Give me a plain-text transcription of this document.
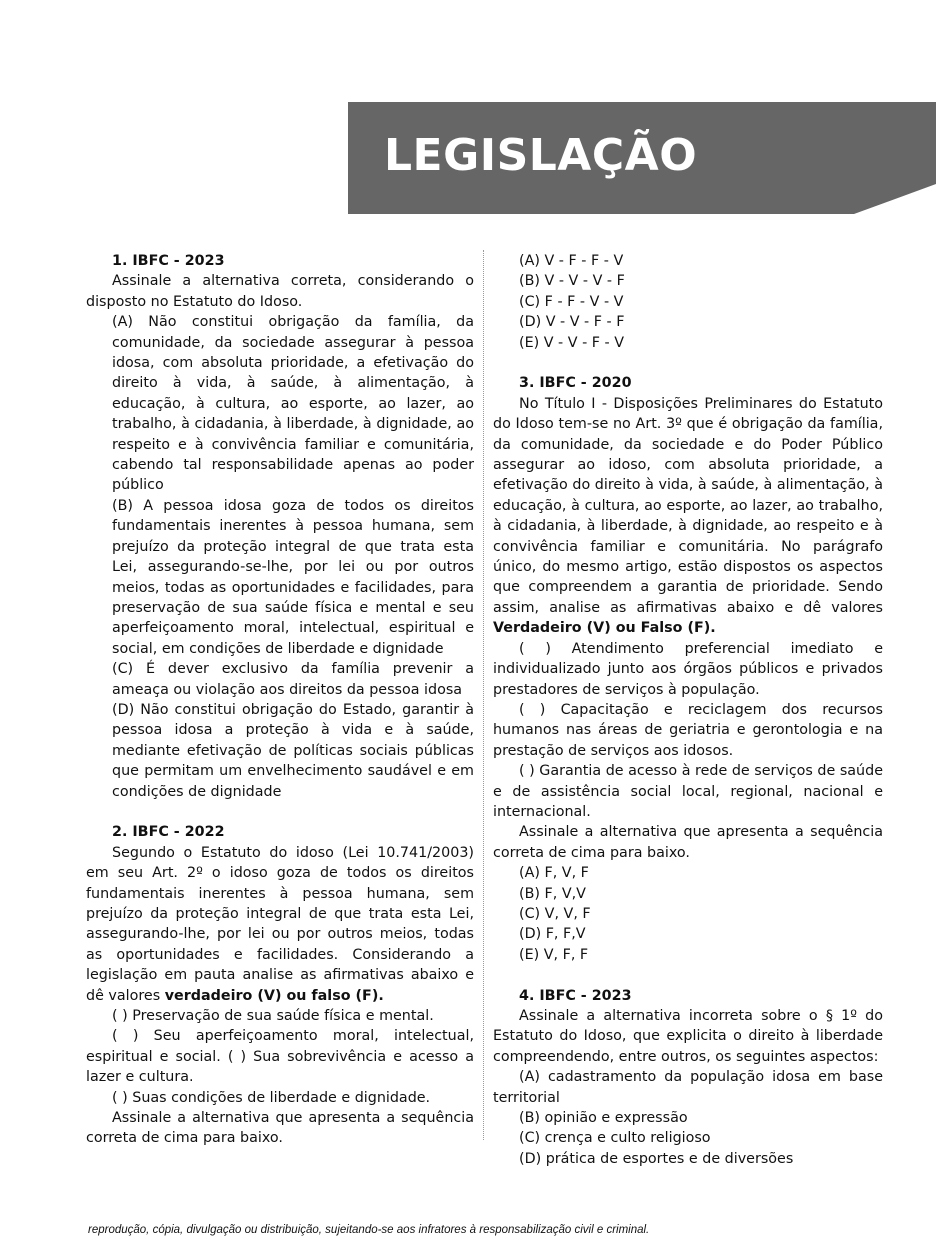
LEGISLAÇÃO

1. IBFC - 2023

Assinale a alternativa correta, considerando o disposto no Estatuto do Idoso.

(A) Não constitui obrigação da família, da comunidade, da sociedade assegurar à pessoa idosa, com absoluta prioridade, a efetivação do direito à vida, à saúde, à alimentação, à educação, à cultura, ao esporte, ao lazer, ao trabalho, à cidadania, à liberdade, à dignidade, ao respeito e à convivência familiar e comunitária, cabendo tal responsabilidade apenas ao poder público

(B) A pessoa idosa goza de todos os direitos fundamentais inerentes à pessoa humana, sem prejuízo da proteção integral de que trata esta Lei, assegurando-se-lhe, por lei ou por outros meios, todas as oportunidades e facilidades, para preservação de sua saúde física e mental e seu aperfeiçoamento moral, intelectual, espiritual e social, em condições de liberdade e dignidade

(C) É dever exclusivo da família prevenir a ameaça ou violação aos direitos da pessoa idosa

(D) Não constitui obrigação do Estado, garantir à pessoa idosa a proteção à vida e à saúde, mediante efetivação de políticas sociais públicas que permitam um envelhecimento saudável e em condições de dignidade

2. IBFC - 2022

Segundo o Estatuto do idoso (Lei 10.741/2003) em seu Art. 2º o idoso goza de todos os direitos fundamentais inerentes à pessoa humana, sem prejuízo da proteção integral de que trata esta Lei, assegurando-lhe, por lei ou por outros meios, todas as oportunidades e facilidades. Considerando a legislação em pauta analise as afirmativas abaixo e dê valores verdadeiro (V) ou falso (F).

( ) Preservação de sua saúde física e mental.

( ) Seu aperfeiçoamento moral, intelectual, espiritual e social. ( ) Sua sobrevivência e acesso a lazer e cultura.

( ) Suas condições de liberdade e dignidade.

Assinale a alternativa que apresenta a sequência correta de cima para baixo.

(A) V - F - F - V

(B) V - V - V - F

(C) F - F - V - V

(D) V - V - F - F

(E) V - V - F - V

3. IBFC - 2020

No Título I - Disposições Preliminares do Estatuto do Idoso tem-se no Art. 3º que é obrigação da família, da comunidade, da sociedade e do Poder Público assegurar ao idoso, com absoluta prioridade, a efetivação do direito à vida, à saúde, à alimentação, à educação, à cultura, ao esporte, ao lazer, ao trabalho, à cidadania, à liberdade, à dignidade, ao respeito e à convivência familiar e comunitária. No parágrafo único, do mesmo artigo, estão dispostos os aspectos que compreendem a garantia de prioridade. Sendo assim, analise as afirmativas abaixo e dê valores Verdadeiro (V) ou Falso (F).

( ) Atendimento preferencial imediato e individualizado junto aos órgãos públicos e privados prestadores de serviços à população.

( ) Capacitação e reciclagem dos recursos humanos nas áreas de geriatria e gerontologia e na prestação de serviços aos idosos.

( ) Garantia de acesso à rede de serviços de saúde e de assistência social local, regional, nacional e internacional.

Assinale a alternativa que apresenta a sequência correta de cima para baixo.

(A) F, V, F

(B) F, V,V

(C) V, V, F

(D) F, F,V

(E) V, F, F

4. IBFC - 2023

Assinale a alternativa incorreta sobre o § 1º do Estatuto do Idoso, que explicita o direito à liberdade compreendendo, entre outros, os seguintes aspectos:

(A) cadastramento da população idosa em base territorial

(B) opinião e expressão

(C) crença e culto religioso

(D) prática de esportes e de diversões

reprodução, cópia, divulgação ou distribuição, sujeitando-se aos infratores à responsabilização civil e criminal.
